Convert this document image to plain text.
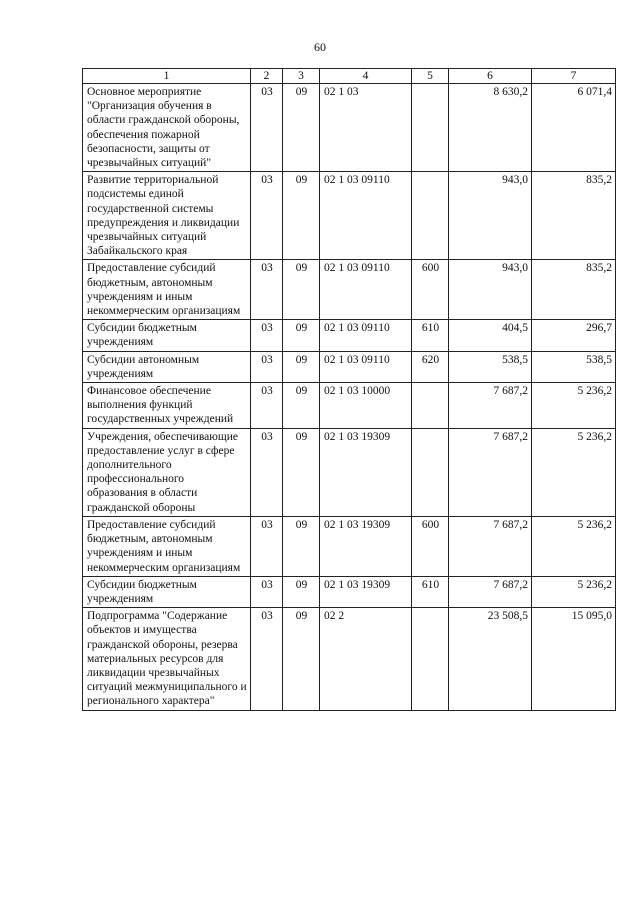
60
1	2	3	4	5	6	7
Основное мероприятие "Организация обучения в области гражданской обороны, обеспечения пожарной безопасности, защиты от чрезвычайных ситуаций"	03	09	02 1 03		8 630,2	6 071,4
Развитие территориальной подсистемы единой государственной системы предупреждения и ликвидации чрезвычайных ситуаций Забайкальского края	03	09	02 1 03 09110		943,0	835,2
Предоставление субсидий бюджетным, автономным учреждениям и иным некоммерческим организациям	03	09	02 1 03 09110	600	943,0	835,2
Субсидии бюджетным учреждениям	03	09	02 1 03 09110	610	404,5	296,7
Субсидии автономным учреждениям	03	09	02 1 03 09110	620	538,5	538,5
Финансовое обеспечение выполнения функций государственных учреждений	03	09	02 1 03 10000		7 687,2	5 236,2
Учреждения, обеспечивающие предоставление услуг в сфере дополнительного профессионального образования в области гражданской обороны	03	09	02 1 03 19309		7 687,2	5 236,2
Предоставление субсидий бюджетным, автономным учреждениям и иным некоммерческим организациям	03	09	02 1 03 19309	600	7 687,2	5 236,2
Субсидии бюджетным учреждениям	03	09	02 1 03 19309	610	7 687,2	5 236,2
Подпрограмма "Содержание объектов и имущества гражданской обороны, резерва материальных ресурсов для ликвидации чрезвычайных ситуаций межмуниципального и регионального характера"	03	09	02 2		23 508,5	15 095,0
